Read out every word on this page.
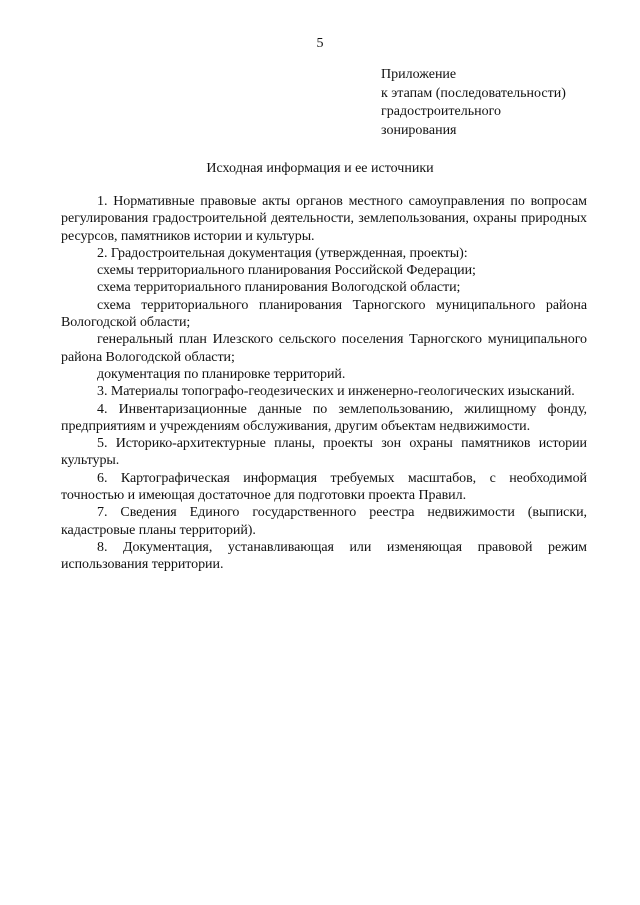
5
Приложение
к этапам (последовательности)
градостроительного
зонирования
Исходная информация и ее источники

1. Нормативные правовые акты органов местного самоуправления по вопросам регулирования градостроительной деятельности, землепользования, охраны природных ресурсов, памятников истории и культуры.

2. Градостроительная документация (утвержденная, проекты):

схемы территориального планирования Российской Федерации;

схема территориального планирования Вологодской области;

схема территориального планирования Тарногского муниципального района Вологодской области;

генеральный план Илезского сельского поселения Тарногского муниципального района Вологодской области;

документация по планировке территорий.

3. Материалы топографо-геодезических и инженерно-геологических изысканий.

4. Инвентаризационные данные по землепользованию, жилищному фонду, предприятиям и учреждениям обслуживания, другим объектам недвижимости.

5. Историко-архитектурные планы, проекты зон охраны памятников истории культуры.

6. Картографическая информация требуемых масштабов, с необходимой точностью и имеющая достаточное для подготовки проекта Правил.

7. Сведения Единого государственного реестра недвижимости (выписки, кадастровые планы территорий).

8. Документация, устанавливающая или изменяющая правовой режим использования территории.
